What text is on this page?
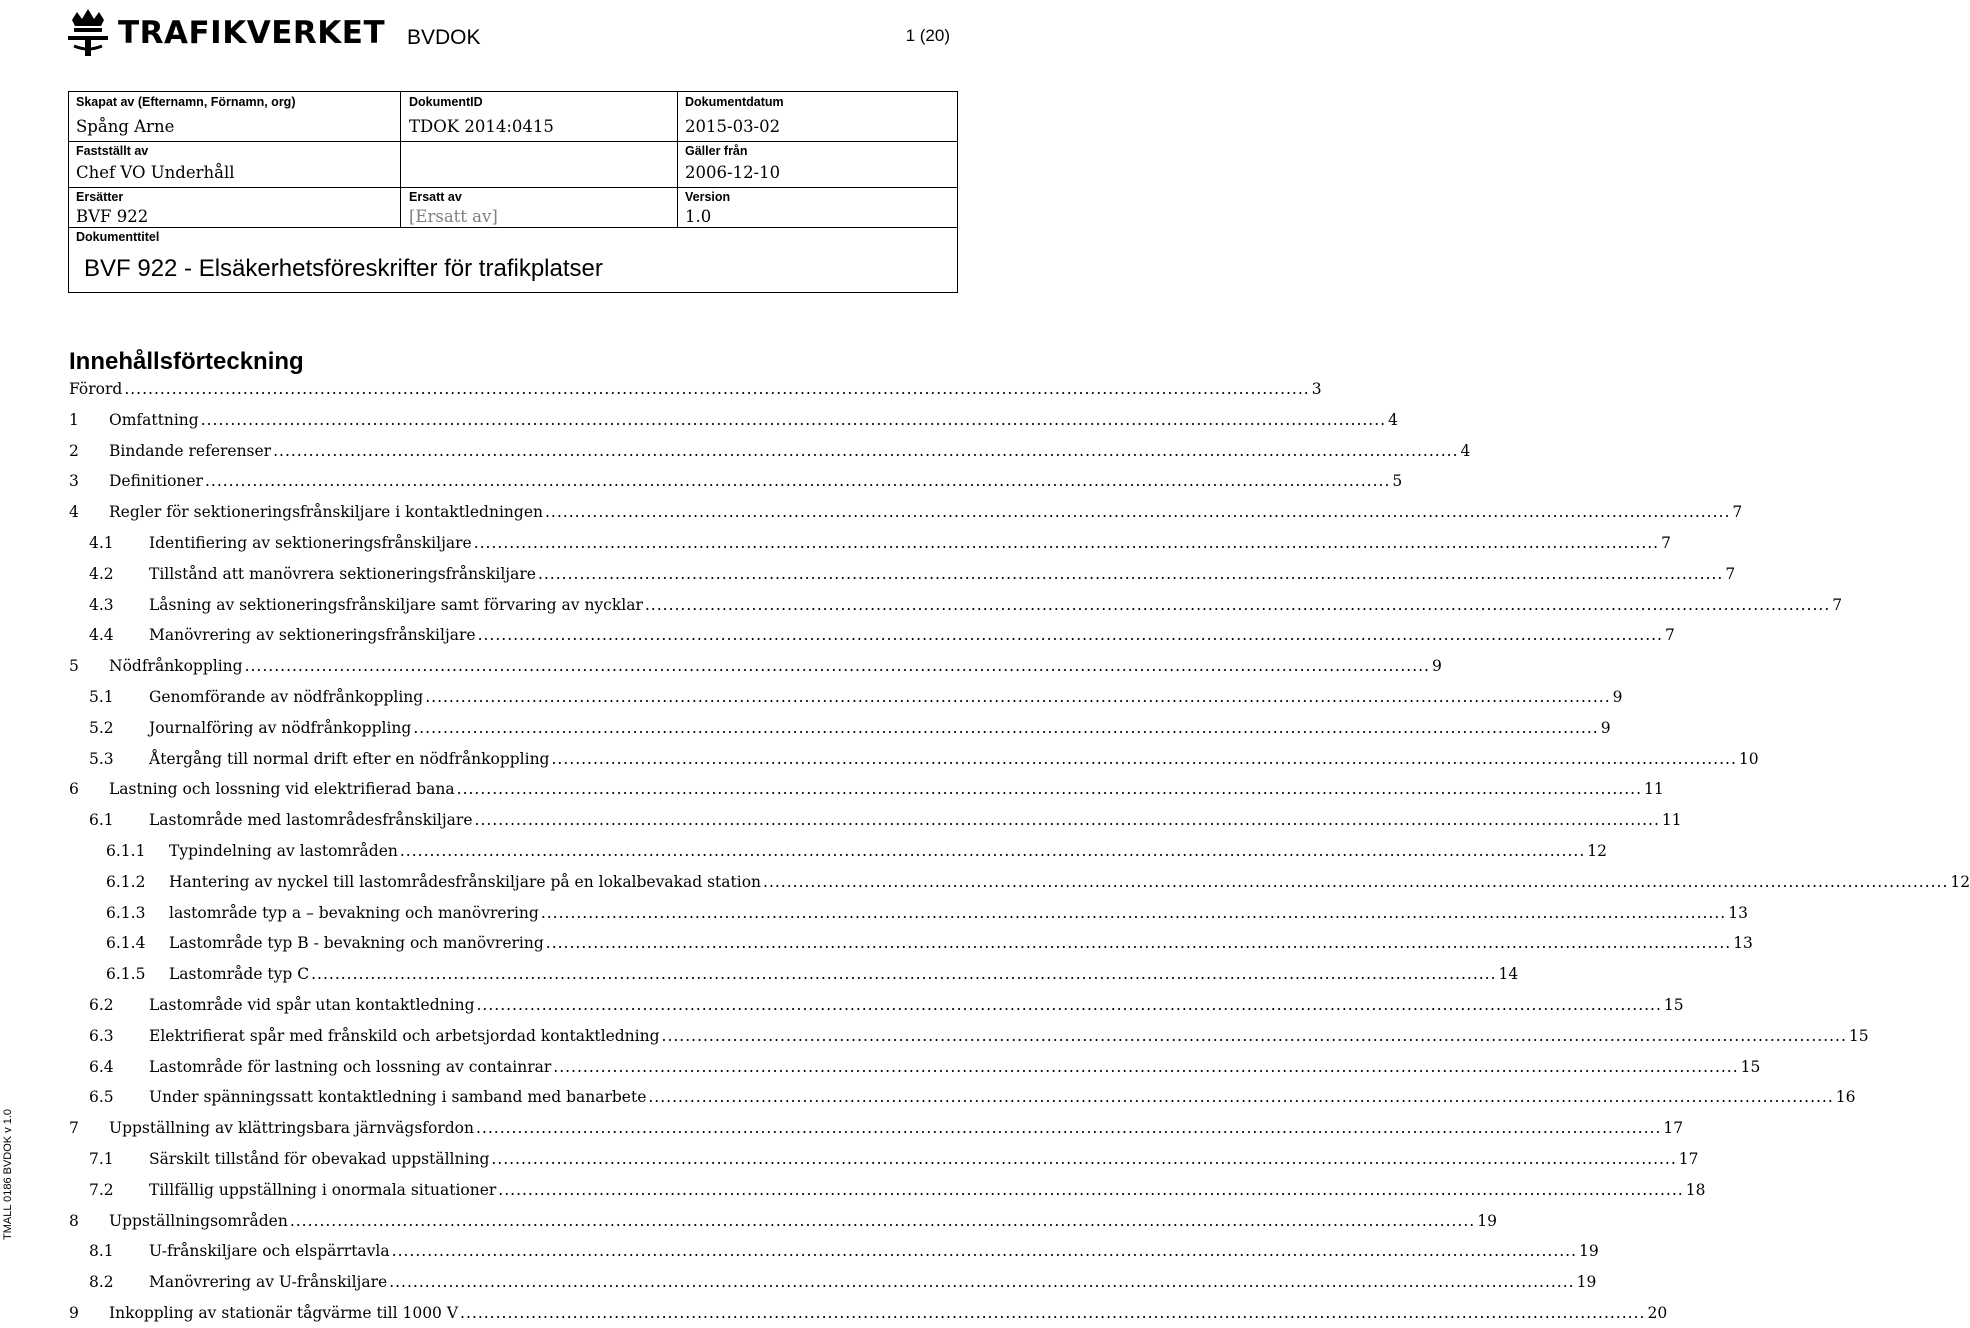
TRAFIKVERKET BVDOK	1 (20)
Skapat av (Efternamn, Förnamn, org)
Spång Arne
DokumentID
TDOK 2014:0415
Dokumentdatum
2015-03-02
Fastställt av
Chef VO Underhåll
Gäller från
2006-12-10
Ersätter
BVF 922
Ersatt av
[Ersatt av]
Version
1.0
Dokumenttitel
BVF 922 - Elsäkerhetsföreskrifter för trafikplatser
Innehållsförteckning
Förord ........................................................................................................................................................................................................ 3
1	Omfattning ........................................................................................................................................................................................................ 4
2	Bindande referenser ........................................................................................................................................................................................................ 4
3	Definitioner ........................................................................................................................................................................................................ 5
4	Regler för sektioneringsfrånskiljare i kontaktledningen ........................................................................................................................................................................................................ 7
4.1	Identifiering av sektioneringsfrånskiljare ........................................................................................................................................................................................................ 7
4.2	Tillstånd att manövrera sektioneringsfrånskiljare ........................................................................................................................................................................................................ 7
4.3	Låsning av sektioneringsfrånskiljare samt förvaring av nycklar ........................................................................................................................................................................................................ 7
4.4	Manövrering av sektioneringsfrånskiljare ........................................................................................................................................................................................................ 7
5	Nödfrånkoppling ........................................................................................................................................................................................................ 9
5.1	Genomförande av nödfrånkoppling ........................................................................................................................................................................................................ 9
5.2	Journalföring av nödfrånkoppling ........................................................................................................................................................................................................ 9
5.3	Återgång till normal drift efter en nödfrånkoppling ........................................................................................................................................................................................................ 10
6	Lastning och lossning vid elektrifierad bana ........................................................................................................................................................................................................ 11
6.1	Lastområde med lastområdesfrånskiljare ........................................................................................................................................................................................................ 11
6.1.1	Typindelning av lastområden ........................................................................................................................................................................................................ 12
6.1.2	Hantering av nyckel till lastområdesfrånskiljare på en lokalbevakad station ........................................................................................................................................................................................................ 12
6.1.3	lastområde typ a – bevakning och manövrering ........................................................................................................................................................................................................ 13
6.1.4	Lastområde typ B - bevakning och manövrering ........................................................................................................................................................................................................ 13
6.1.5	Lastområde typ C ........................................................................................................................................................................................................ 14
6.2	Lastområde vid spår utan kontaktledning ........................................................................................................................................................................................................ 15
6.3	Elektrifierat spår med frånskild och arbetsjordad kontaktledning ........................................................................................................................................................................................................ 15
6.4	Lastområde för lastning och lossning av containrar ........................................................................................................................................................................................................ 15
6.5	Under spänningssatt kontaktledning i samband med banarbete ........................................................................................................................................................................................................ 16
7	Uppställning av klättringsbara järnvägsfordon ........................................................................................................................................................................................................ 17
7.1	Särskilt tillstånd för obevakad uppställning ........................................................................................................................................................................................................ 17
7.2	Tillfällig uppställning i onormala situationer ........................................................................................................................................................................................................ 18
8	Uppställningsområden ........................................................................................................................................................................................................ 19
8.1	U-frånskiljare och elspärrtavla ........................................................................................................................................................................................................ 19
8.2	Manövrering av U-frånskiljare ........................................................................................................................................................................................................ 19
9	Inkoppling av stationär tågvärme till 1000 V ........................................................................................................................................................................................................ 20
TMALL 0186 BVDOK v 1.0
